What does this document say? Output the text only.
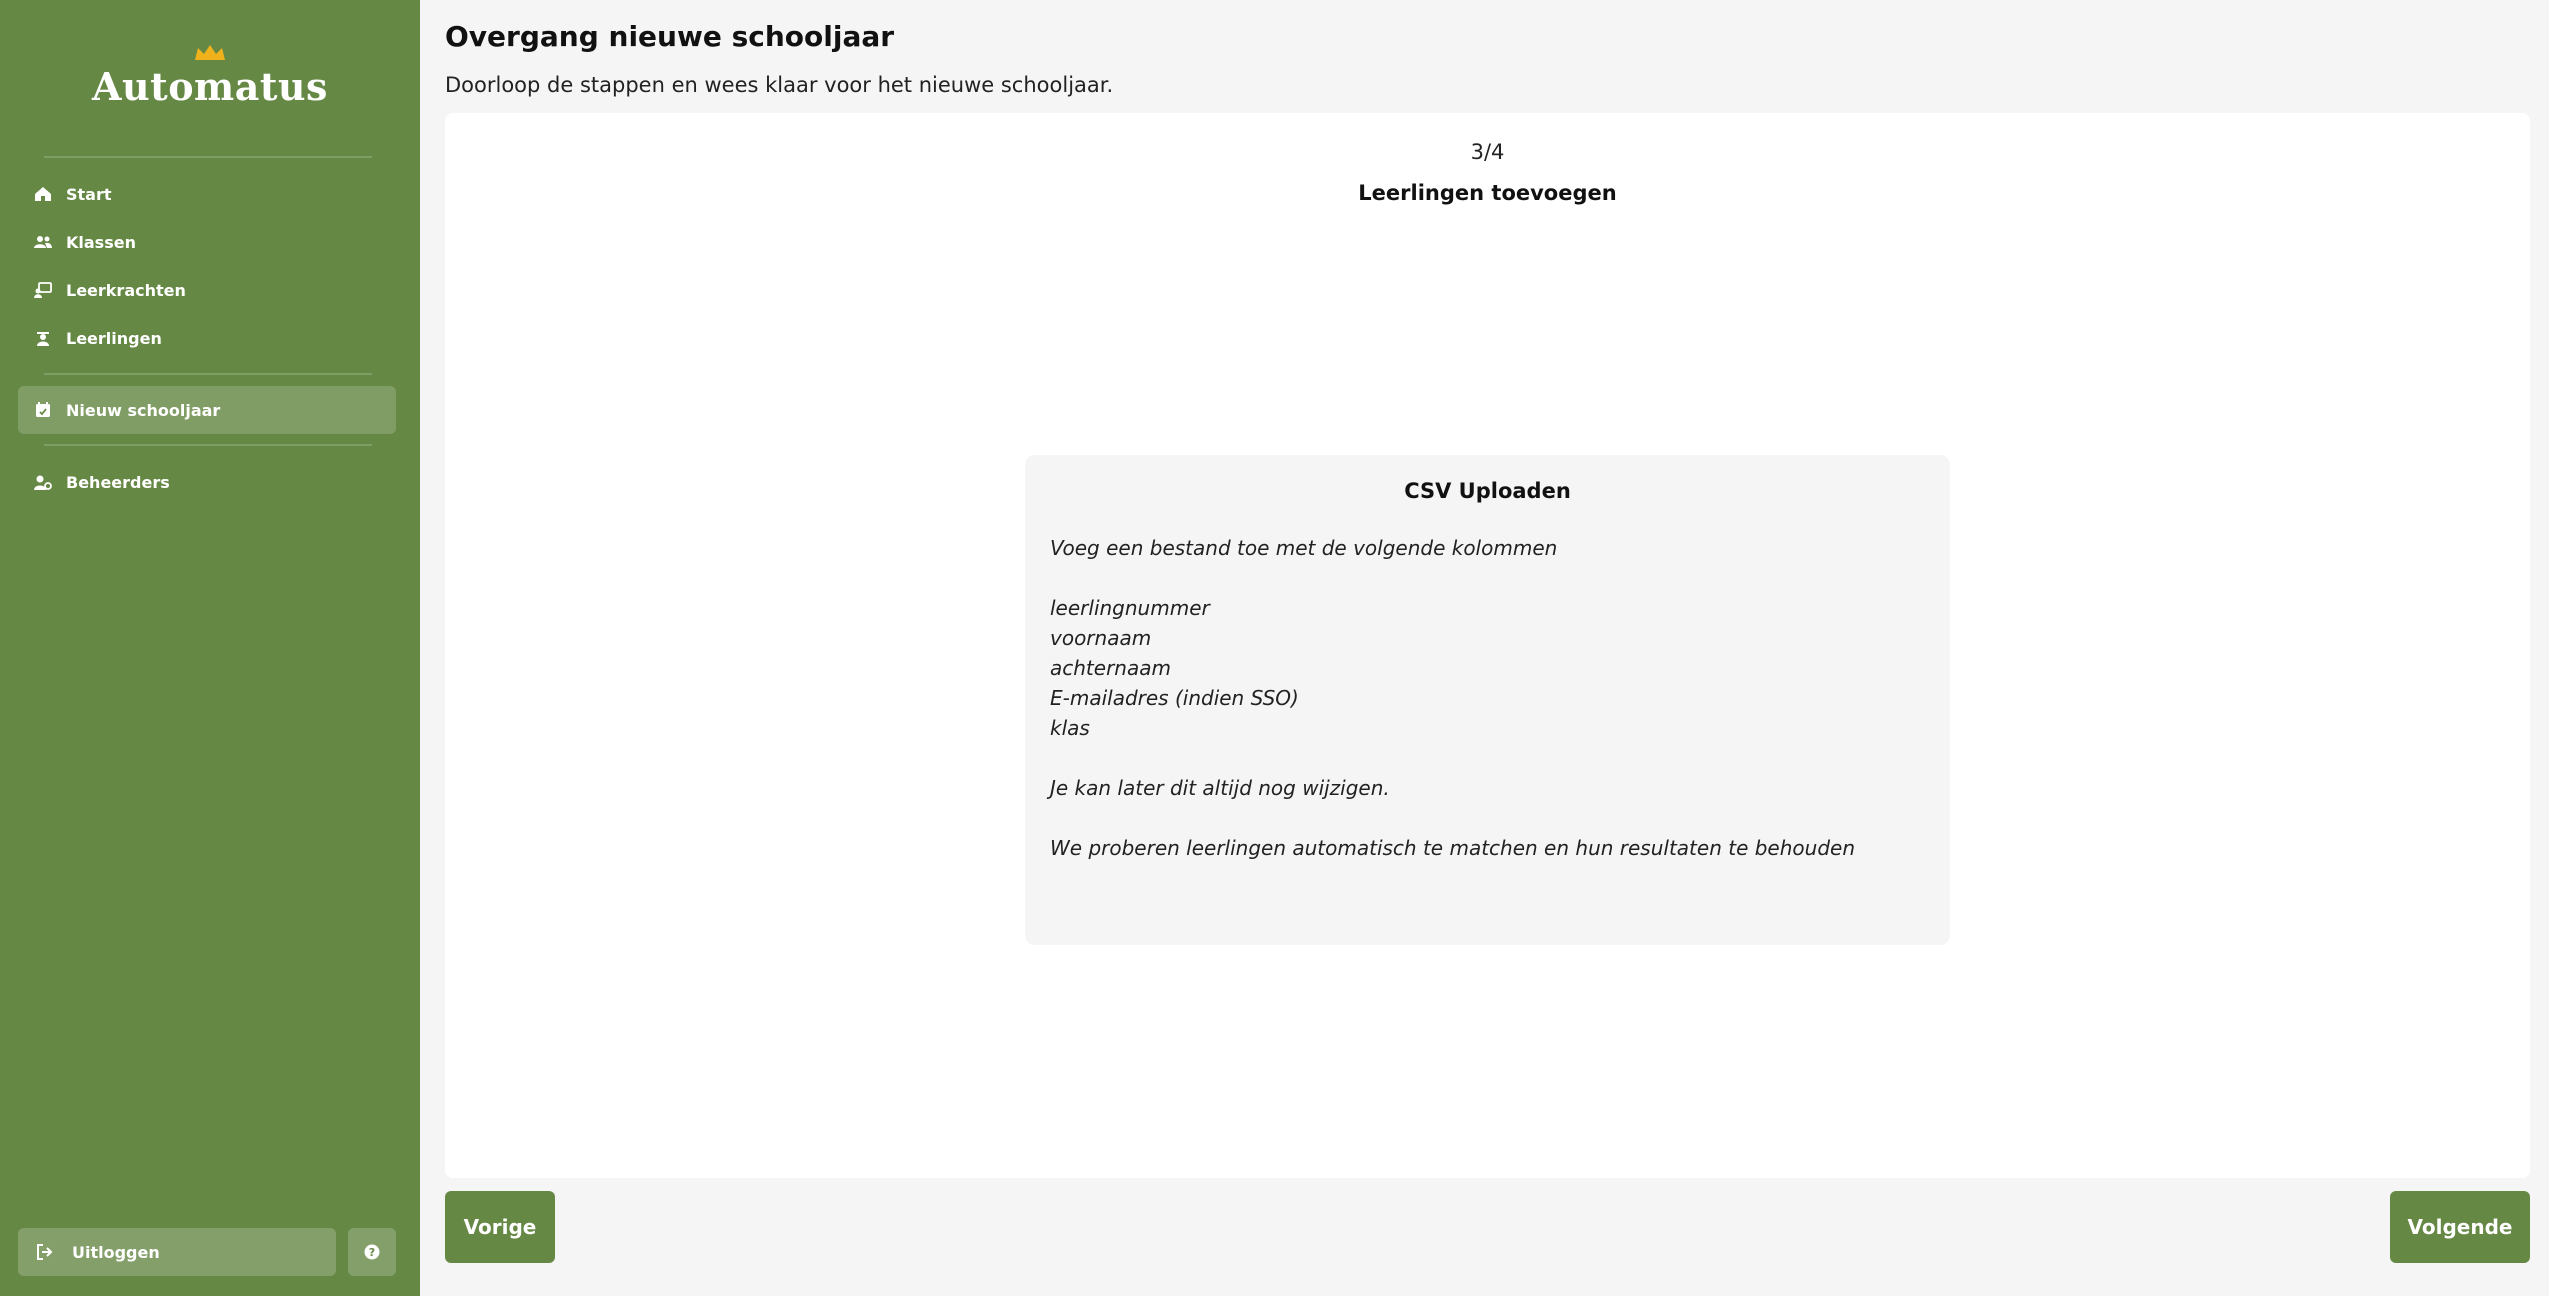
Automatus
Start
Klassen
Leerkrachten
Leerlingen
Nieuw schooljaar
Beheerders
Uitloggen	?
Overgang nieuwe schooljaar

Doorloop de stappen en wees klaar voor het nieuwe schooljaar.

3/4
Leerlingen toevoegen
CSV Uploaden
Voeg een bestand toe met de volgende kolommen
leerlingnummer
voornaam
achternaam
E-mailadres (indien SSO)
klas
Je kan later dit altijd nog wijzigen.
We proberen leerlingen automatisch te matchen en hun resultaten te behouden
Vorige	Volgende
